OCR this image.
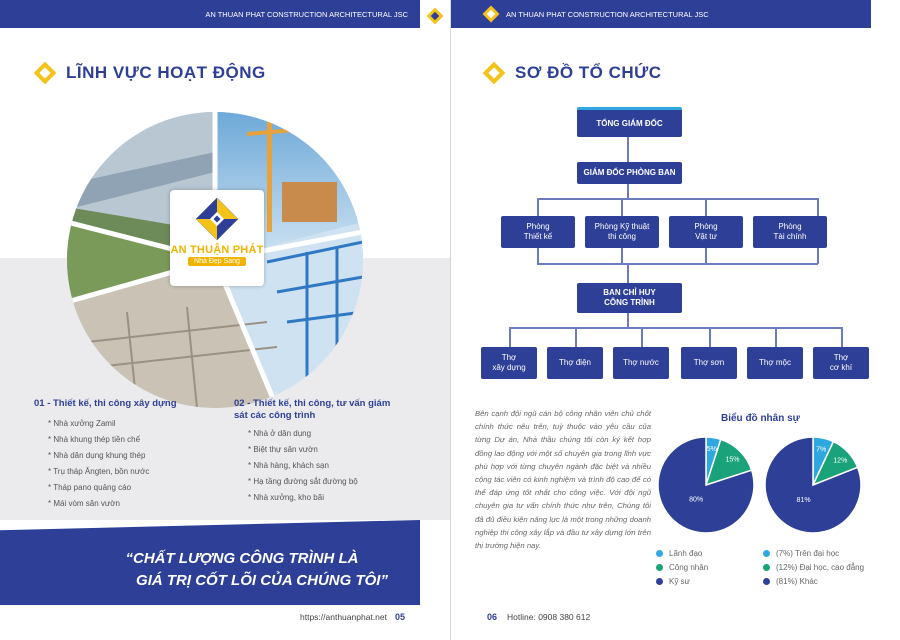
AN THUAN PHAT CONSTRUCTION ARCHITECTURAL JSC
LĨNH VỰC HOẠT ĐỘNG
AN THUẬN PHÁT
Nhà Đẹp Sang
01 - Thiết kế, thi công xây dựng
* Nhà xưởng Zamil
* Nhà khung thép tiền chế
* Nhà dân dụng khung thép
* Trụ tháp Ăngten, bồn nước
* Tháp pano quảng cáo
* Mái vòm sân vườn
02 - Thiết kế, thi công, tư vấn giám sát các công trình
* Nhà ở dân dụng
* Biệt thự sân vườn
* Nhà hàng, khách sạn
* Hạ tầng đường sắt đường bộ
* Nhà xưởng, kho bãi
“CHẤT LƯỢNG CÔNG TRÌNH LÀ

GIÁ TRỊ CỐT LÕI CỦA CHÚNG TÔI”
https://anthuanphat.net 05
AN THUAN PHAT CONSTRUCTION ARCHITECTURAL JSC
SƠ ĐỒ TỔ CHỨC
TỔNG GIÁM ĐỐC
GIÁM ĐỐC PHÒNG BAN
Phòng
Thiết kế
Phòng Kỹ thuật
thi công
Phòng
Vật tư
Phòng
Tài chính
BAN CHỈ HUY
CÔNG TRÌNH
Thợ
xây dựng
Thợ điện	Thợ nước	Thợ sơn	Thợ mộc
Thợ
cơ khí
Bên cạnh đội ngũ cán bộ công nhân viên chủ chốt chính thức nêu trên, tuỳ thuộc vào yêu cầu của từng Dự án, Nhà thầu chúng tôi còn ký kết hợp đồng lao động với một số chuyên gia trong lĩnh vực phù hợp với từng chuyên ngành đặc biệt và nhiều cộng tác viên có kinh nghiệm và trình độ cao để có thể đáp ứng tốt nhất cho công việc. Với đội ngũ chuyên gia tư vấn chính thức như trên, Chúng tôi đã đủ điều kiện năng lực là một trong những doanh nghiệp thi công xây lắp và đầu tư xây dựng lớn trên thị trường hiện nay.
Biểu đồ nhân sự
5%
15%
80%
7%
12%
81%
Lãnh đạo
Công nhân
Kỹ sư
(7%) Trên đại học
(12%) Đại học, cao đẳng
(81%) Khác
06 Hotline: 0908 380 612
